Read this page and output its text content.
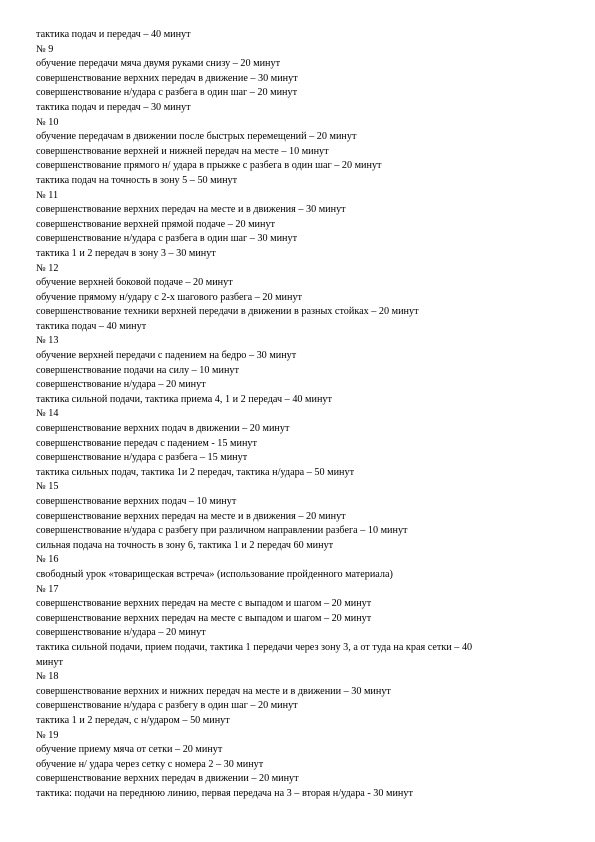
тактика подач и передач – 40 минут

№ 9

обучение передачи мяча двумя руками снизу – 20 минут

совершенствование верхних передач в движение – 30 минут

совершенствование н/удара с разбега в один шаг – 20 минут

тактика подач и передач – 30 минут

№ 10

обучение передачам в движении после быстрых перемещений – 20 минут

совершенствование верхней и нижней передач на месте – 10 минут

совершенствование прямого н/ удара в прыжке с разбега в один шаг – 20 минут

тактика подач на точность в зону 5 – 50 минут

№ 11

совершенствование верхних передач на месте и в движения – 30 минут

совершенствование верхней прямой подаче – 20 минут

совершенствование н/удара с разбега в один шаг – 30 минут

тактика 1 и 2 передач в зону 3 – 30 минут

№ 12

обучение верхней боковой подаче – 20 минут

обучение прямому н/удару с 2-х шагового разбега – 20 минут

совершенствование техники верхней передачи в движении в разных стойках – 20 минут

тактика подач – 40 минут

№ 13

обучение верхней передачи с падением на бедро – 30 минут

совершенствование подачи на силу – 10 минут

совершенствование н/удара – 20 минут

тактика сильной подачи, тактика приема 4, 1 и 2 передач – 40 минут

№ 14

совершенствование верхних подач в движении – 20 минут

совершенствование передач с падением - 15 минут

совершенствование н/удара с разбега – 15 минут

тактика сильных подач, тактика 1и 2 передач, тактика н/удара – 50 минут

№ 15

совершенствование верхних подач – 10 минут

совершенствование верхних передач на месте и в движения – 20 минут

совершенствование н/удара с разбегу при различном направлении разбега – 10 минут

сильная подача на точность в зону 6, тактика 1 и 2 передач 60 минут

№ 16

свободный урок «товарищеская встреча» (использование пройденного материала)

№ 17

совершенствование верхних передач на месте с выпадом и шагом – 20 минут

совершенствование верхних передач на месте с выпадом и шагом – 20 минут

совершенствование н/удара – 20 минут

тактика сильной подачи, прием подачи, тактика 1 передачи через зону 3, а от туда на края сетки – 40

минут

№ 18

совершенствование верхних и нижних передач на месте и в движении – 30 минут

совершенствование н/удара с разбегу в один шаг – 20 минут

тактика 1 и 2 передач, с н/ударом – 50 минут

№ 19

обучение приему мяча от сетки – 20 минут

обучение н/ удара через сетку с номера 2 – 30 минут

совершенствование верхних передач в движении – 20 минут

тактика: подачи на переднюю линию, первая передача на 3 – вторая н/удара - 30 минут
